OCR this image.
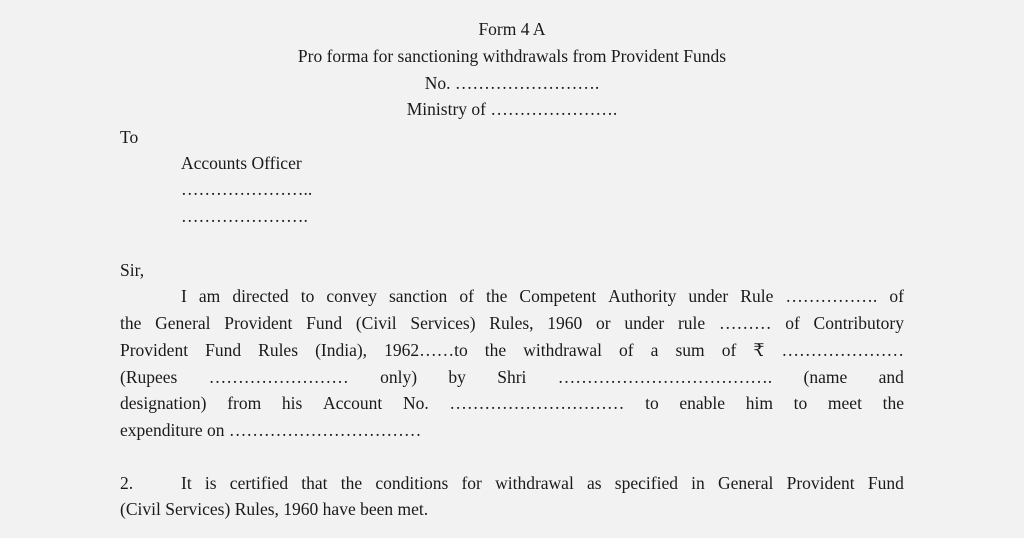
Form 4 A
Pro forma for sanctioning withdrawals from Provident Funds
No. …………………….
Ministry of ………………….
To
Accounts Officer
…………………..
………………….
Sir,
I am directed to convey sanction of the Competent Authority under Rule ……………. of
the General Provident Fund (Civil Services) Rules, 1960 or under rule ……… of Contributory
Provident Fund Rules (India), 1962……to the withdrawal of a sum of ₹ …………………
(Rupees …………………… only) by Shri ………………………………. (name and
designation) from his Account No. ………………………… to enable him to meet the
expenditure on ……………………………
2.	It is certified that the conditions for withdrawal as specified in General Provident Fund
(Civil Services) Rules, 1960 have been met.
